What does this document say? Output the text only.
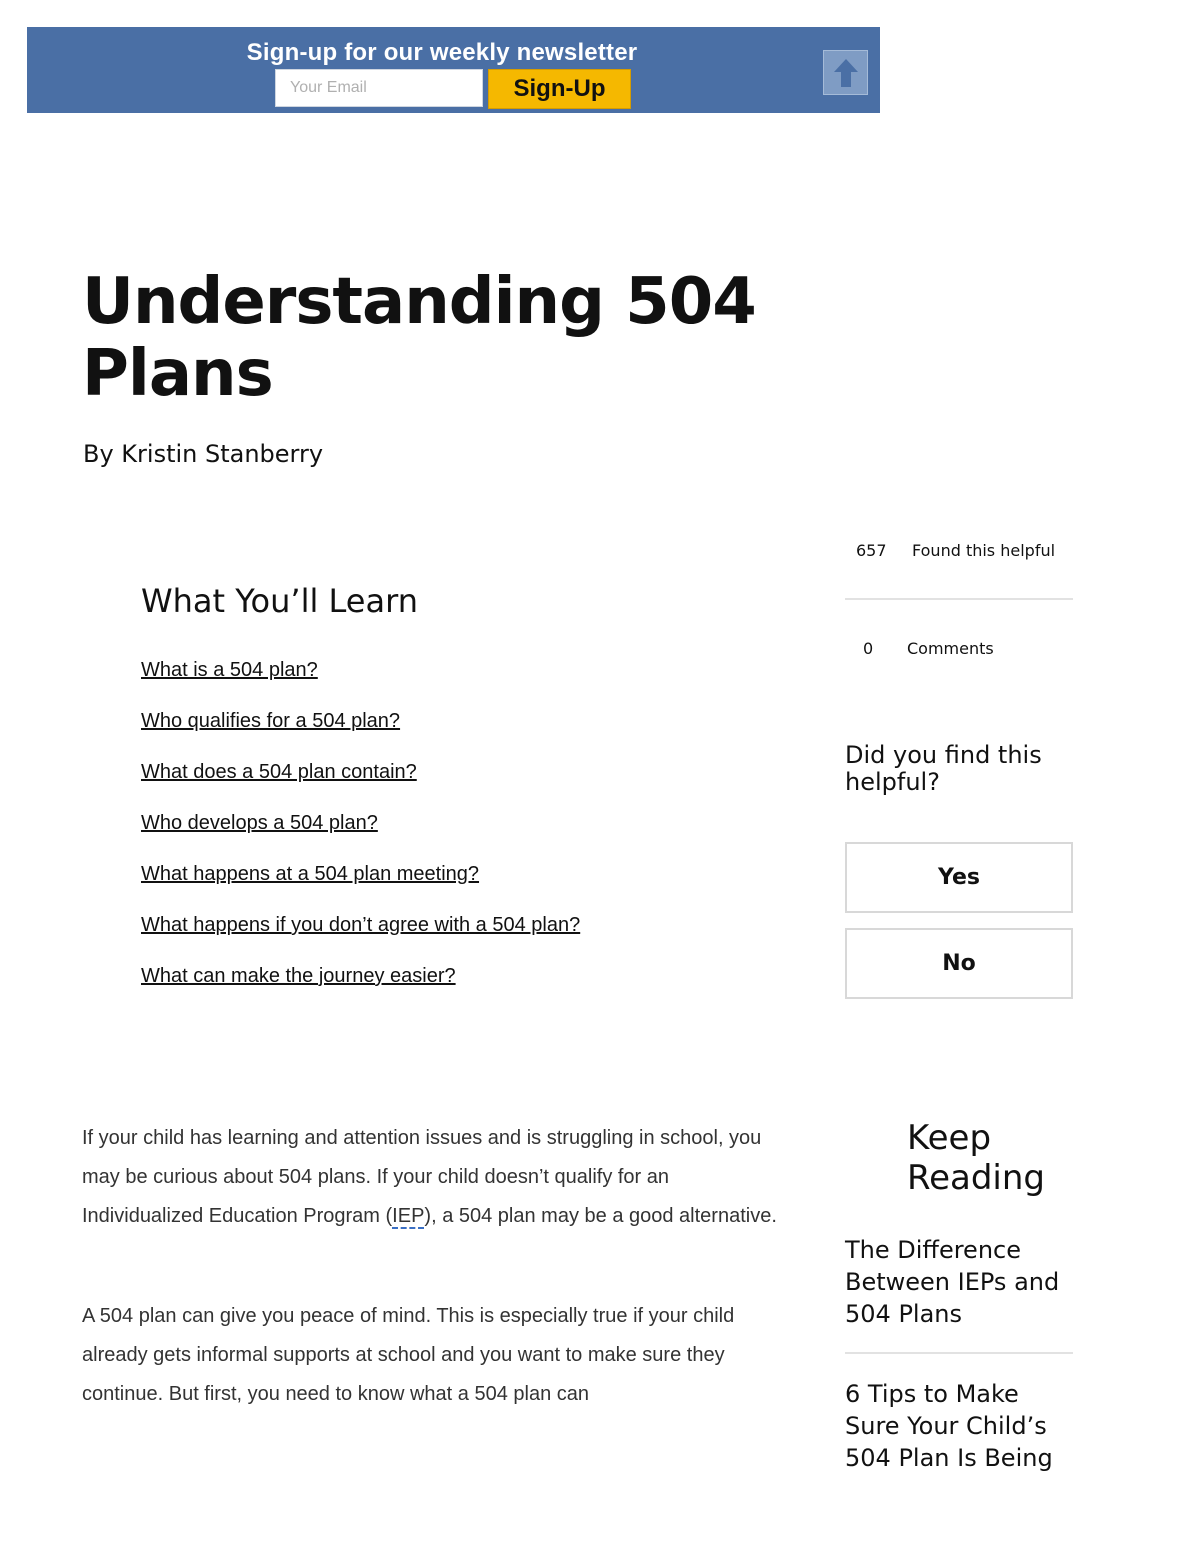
Sign-up for our weekly newsletter
Your Email
Sign-Up
Understanding 504 Plans
By Kristin Stanberry
What You’ll Learn
What is a 504 plan?
Who qualifies for a 504 plan?
What does a 504 plan contain?
Who develops a 504 plan?
What happens at a 504 plan meeting?
What happens if you don’t agree with a 504 plan?
What can make the journey easier?
657 Found this helpful
0 Comments
Did you find this helpful?
Yes
No

If your child has learning and attention issues and is struggling in school, you may be curious about 504 plans. If your child doesn’t qualify for an Individualized Education Program (IEP), a 504 plan may be a good alternative.

A 504 plan can give you peace of mind. This is especially true if your child already gets informal supports at school and you want to make sure they continue. But first, you need to know what a 504 plan can

Keep Reading
The Difference Between IEPs and 504 Plans
6 Tips to Make Sure Your Child’s 504 Plan Is Being
